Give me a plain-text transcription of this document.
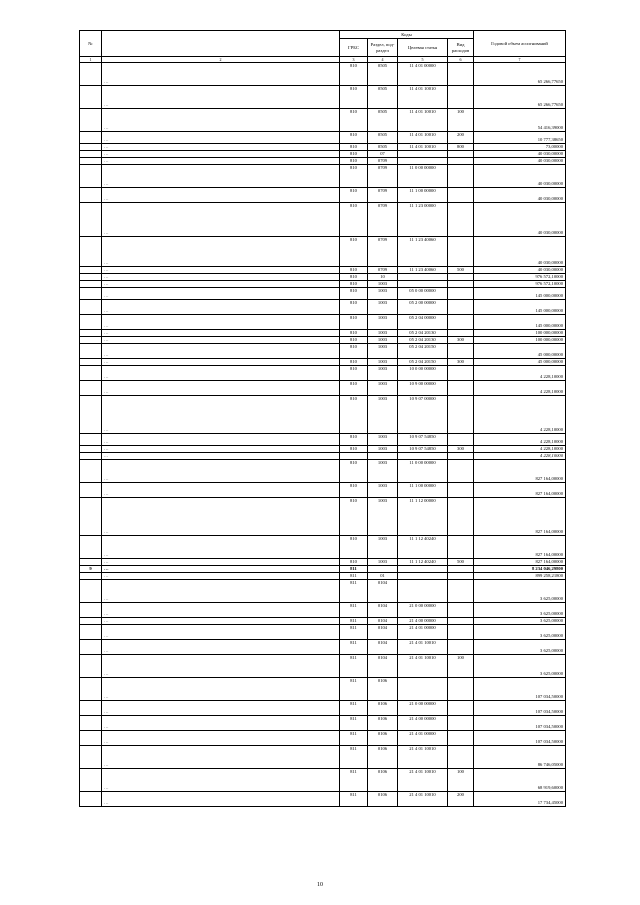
№		Коды				Годовой объем ассигнований
		ГРБС	Раздел, под-раздел	Целевая статья	Вид расходов	
1	2	3	4	5	6	7
	…	810	0505	11 4 01 00000		65 266,77650
	…	810	0505	11 4 01 10010		65 266,77650
	…	810	0505	11 4 01 10010	100	54 416,39000
	…	810	0505	11 4 01 10010	200	10 777,38650
	…	810	0505	11 4 01 10010	800	73,00000
	…	810	07			40 030,00000
	…	810	0709			40 030,00000
	…	810	0709	11 0 00 00000		40 030,00000
	…	810	0709	11 1 00 00000		40 030,00000
	…	810	0709	11 1 23 00000		40 030,00000
	…	810	0709	11 1 23 40060		40 030,00000
	…	810	0709	11 1 23 40060	500	40 030,00000
	…	810	10			976 572,10000
	…	810	1003			976 572,10000
	…	810	1003	05 0 00 00000		145 000,00000
	…	810	1003	05 2 00 00000		145 000,00000
	…	810	1003	05 2 04 00000		145 000,00000
	…	810	1003	05 2 04 20130		100 000,00000
	…	810	1003	05 2 04 20130	300	100 000,00000
	…	810	1003	05 2 04 20150		45 000,00000
	…	810	1003	05 2 04 20150	300	45 000,00000
	…	810	1003	10 0 00 00000		4 228,10000
	…	810	1003	10 9 00 00000		4 228,10000
	…	810	1003	10 9 07 00000		4 228,10000
	…	810	1003	10 9 07 54850		4 228,10000
	…	810	1003	10 9 07 54850	300	4 228,10000
	…					4 228,10000
	…	810	1003	11 0 00 00000		827 164,00000
	…	810	1003	11 1 00 00000		827 164,00000
	…	810	1003	11 1 12 00000		827 164,00000
	…	810	1003	11 1 12 40240		827 164,00000
	…	810	1003	11 1 12 40240	500	827 164,00000
9	…	811				8 234 046,29800
	…	811	01			899 258,21800
	…	811	0104			3 625,00000
	…	811	0104	21 0 00 00000		3 625,00000
	…	811	0104	21 4 00 00000		3 625,00000
	…	811	0104	21 4 01 00000		3 625,00000
	…	811	0104	21 4 01 10010		3 625,00000
	…	811	0104	21 4 01 10010	100	3 625,00000
	…	811	0106			107 034,50000
	…	811	0106	21 0 00 00000		107 034,50000
	…	811	0106	21 4 00 00000		107 034,50000
	…	811	0106	21 4 01 00000		107 034,50000
	…	811	0106	21 4 01 10010		86 746,05000
	…	811	0106	21 4 01 10010	100	68 919,60000
	…	811	0106	21 4 01 10010	200	17 734,45000
10
